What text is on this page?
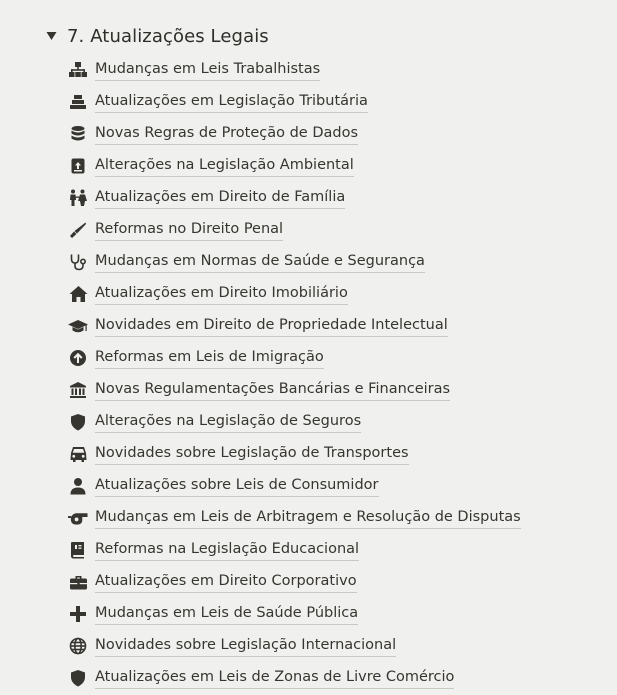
7. Atualizações Legais
Mudanças em Leis Trabalhistas
Atualizações em Legislação Tributária
Novas Regras de Proteção de Dados
Alterações na Legislação Ambiental
Atualizações em Direito de Família
Reformas no Direito Penal
Mudanças em Normas de Saúde e Segurança
Atualizações em Direito Imobiliário
Novidades em Direito de Propriedade Intelectual
Reformas em Leis de Imigração
Novas Regulamentações Bancárias e Financeiras
Alterações na Legislação de Seguros
Novidades sobre Legislação de Transportes
Atualizações sobre Leis de Consumidor
Mudanças em Leis de Arbitragem e Resolução de Disputas
Reformas na Legislação Educacional
Atualizações em Direito Corporativo
Mudanças em Leis de Saúde Pública
Novidades sobre Legislação Internacional
Atualizações em Leis de Zonas de Livre Comércio
